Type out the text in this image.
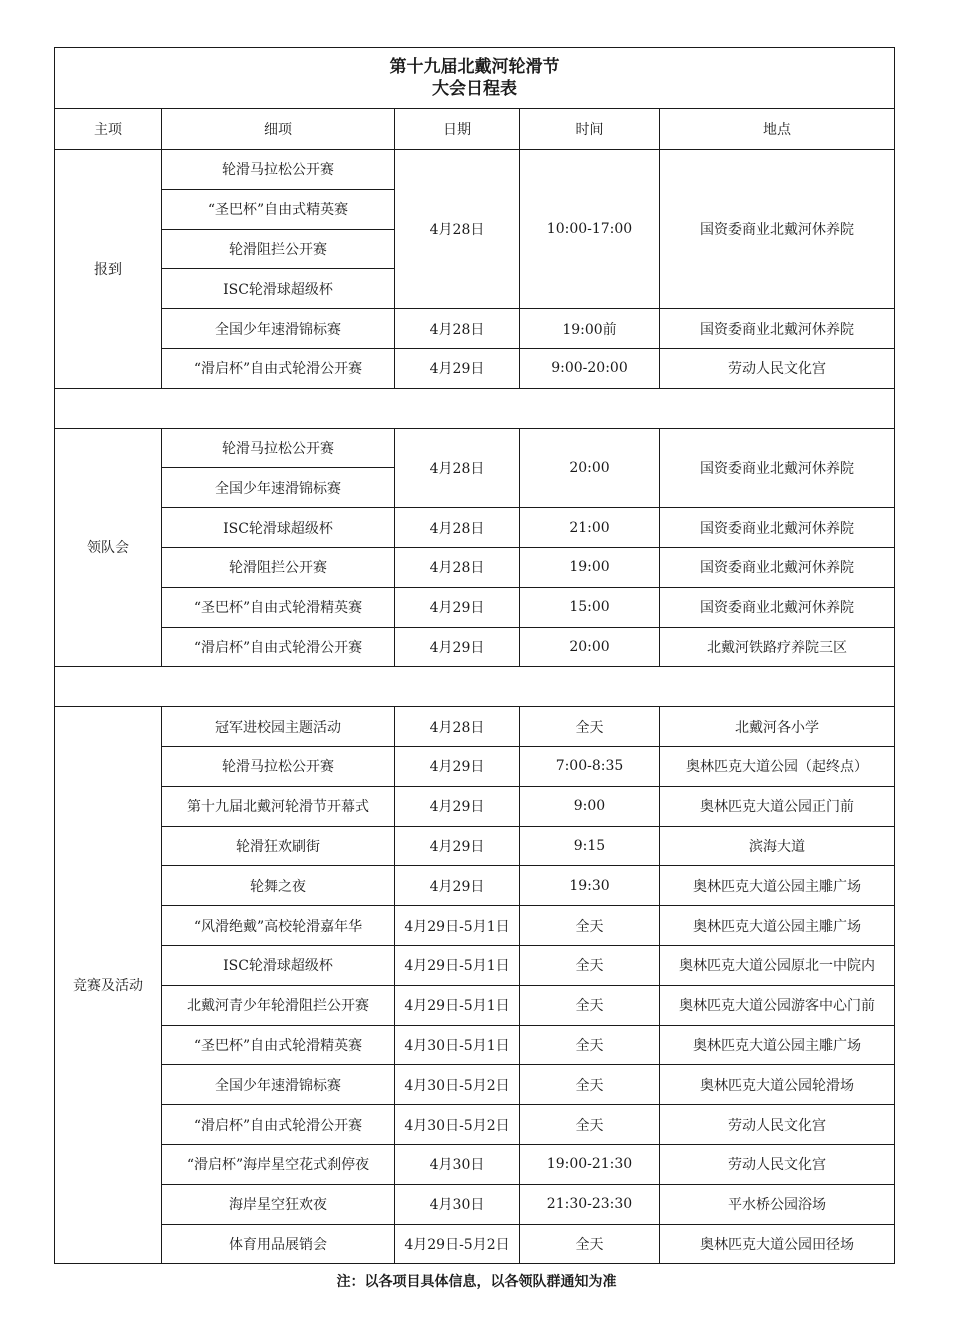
第十九届北戴河轮滑节
大会日程表				

主项	细项	日期	时间	地点
报到	轮滑马拉松公开赛	4月28日	10:00-17:00	国资委商业北戴河休养院
	“圣巴杯”自由式精英赛			
	轮滑阻拦公开赛			
	ISC轮滑球超级杯			
	全国少年速滑锦标赛	4月28日	19:00前	国资委商业北戴河休养院
	“滑启杯”自由式轮滑公开赛	4月29日	9:00-20:00	劳动人民文化宫

领队会	轮滑马拉松公开赛	4月28日	20:00	国资委商业北戴河休养院
	全国少年速滑锦标赛			
	ISC轮滑球超级杯	4月28日	21:00	国资委商业北戴河休养院
	轮滑阻拦公开赛	4月28日	19:00	国资委商业北戴河休养院
	“圣巴杯”自由式轮滑精英赛	4月29日	15:00	国资委商业北戴河休养院
	“滑启杯”自由式轮滑公开赛	4月29日	20:00	北戴河铁路疗养院三区

竞赛及活动	冠军进校园主题活动	4月28日	全天	北戴河各小学
	轮滑马拉松公开赛	4月29日	7:00-8:35	奥林匹克大道公园（起终点）
	第十九届北戴河轮滑节开幕式	4月29日	9:00	奥林匹克大道公园正门前
	轮滑狂欢刷街	4月29日	9:15	滨海大道
	轮舞之夜	4月29日	19:30	奥林匹克大道公园主雕广场
	“风滑绝戴”高校轮滑嘉年华	4月29日-5月1日	全天	奥林匹克大道公园主雕广场
	ISC轮滑球超级杯	4月29日-5月1日	全天	奥林匹克大道公园原北一中院内
	北戴河青少年轮滑阻拦公开赛	4月29日-5月1日	全天	奥林匹克大道公园游客中心门前
	“圣巴杯”自由式轮滑精英赛	4月30日-5月1日	全天	奥林匹克大道公园主雕广场
	全国少年速滑锦标赛	4月30日-5月2日	全天	奥林匹克大道公园轮滑场
	“滑启杯”自由式轮滑公开赛	4月30日-5月2日	全天	劳动人民文化宫
	“滑启杯”海岸星空花式刹停夜	4月30日	19:00-21:30	劳动人民文化宫
	海岸星空狂欢夜	4月30日	21:30-23:30	平水桥公园浴场
	体育用品展销会	4月29日-5月2日	全天	奥林匹克大道公园田径场
注：以各项目具体信息，以各领队群通知为准
